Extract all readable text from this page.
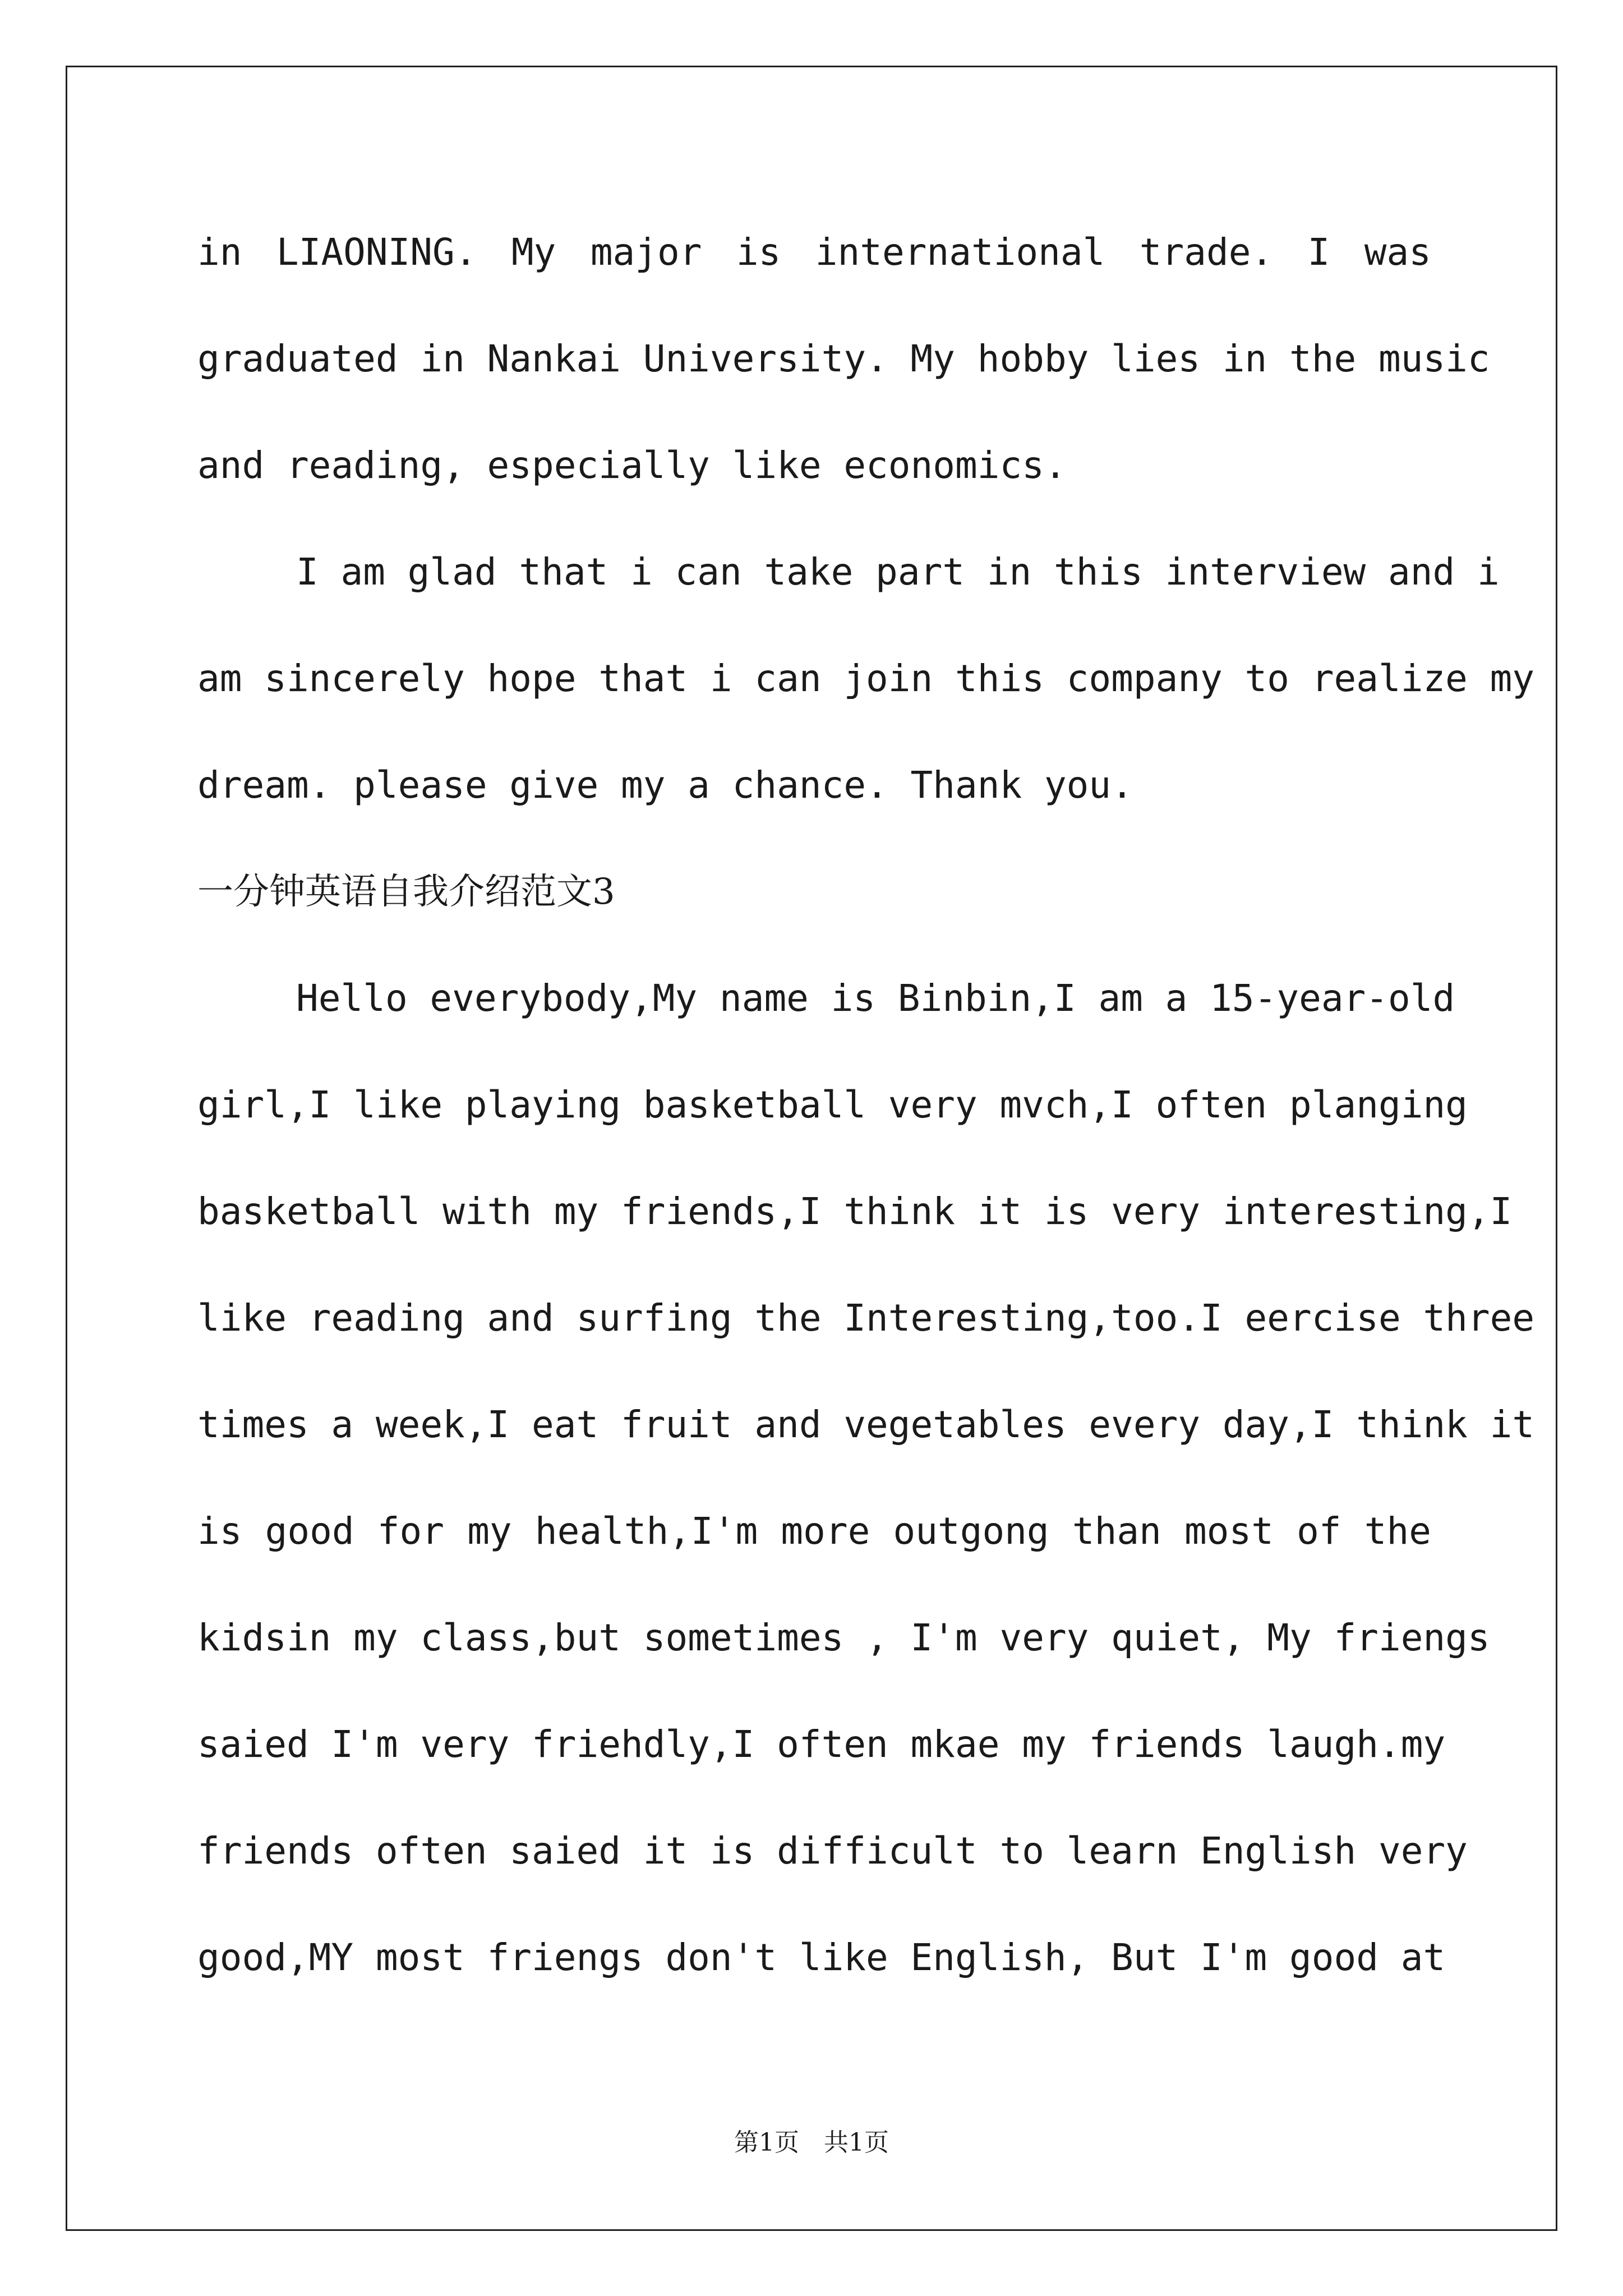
in LIAONING. My major is international trade. I was
graduated in Nankai University. My hobby lies in the music
and reading, especially like economics.
I am glad that i can take part in this interview and i
am sincerely hope that i can join this company to realize my
dream. please give my a chance. Thank you.
一分钟英语自我介绍范文3
Hello everybody,My name is Binbin,I am a 15-year-old
girl,I like playing basketball very mvch,I often planging
basketball with my friends,I think it is very interesting,I
like reading and surfing the Interesting,too.I eercise three
times a week,I eat fruit and vegetables every day,I think it
is good for my health,I'm more outgong than most of the
kidsin my class,but sometimes , I'm very quiet, My friengs
saied I'm very friehdly,I often mkae my friends laugh.my
friends often saied it is difficult to learn English very
good,MY most friengs don't like English, But I'm good at
第1页　共1页
